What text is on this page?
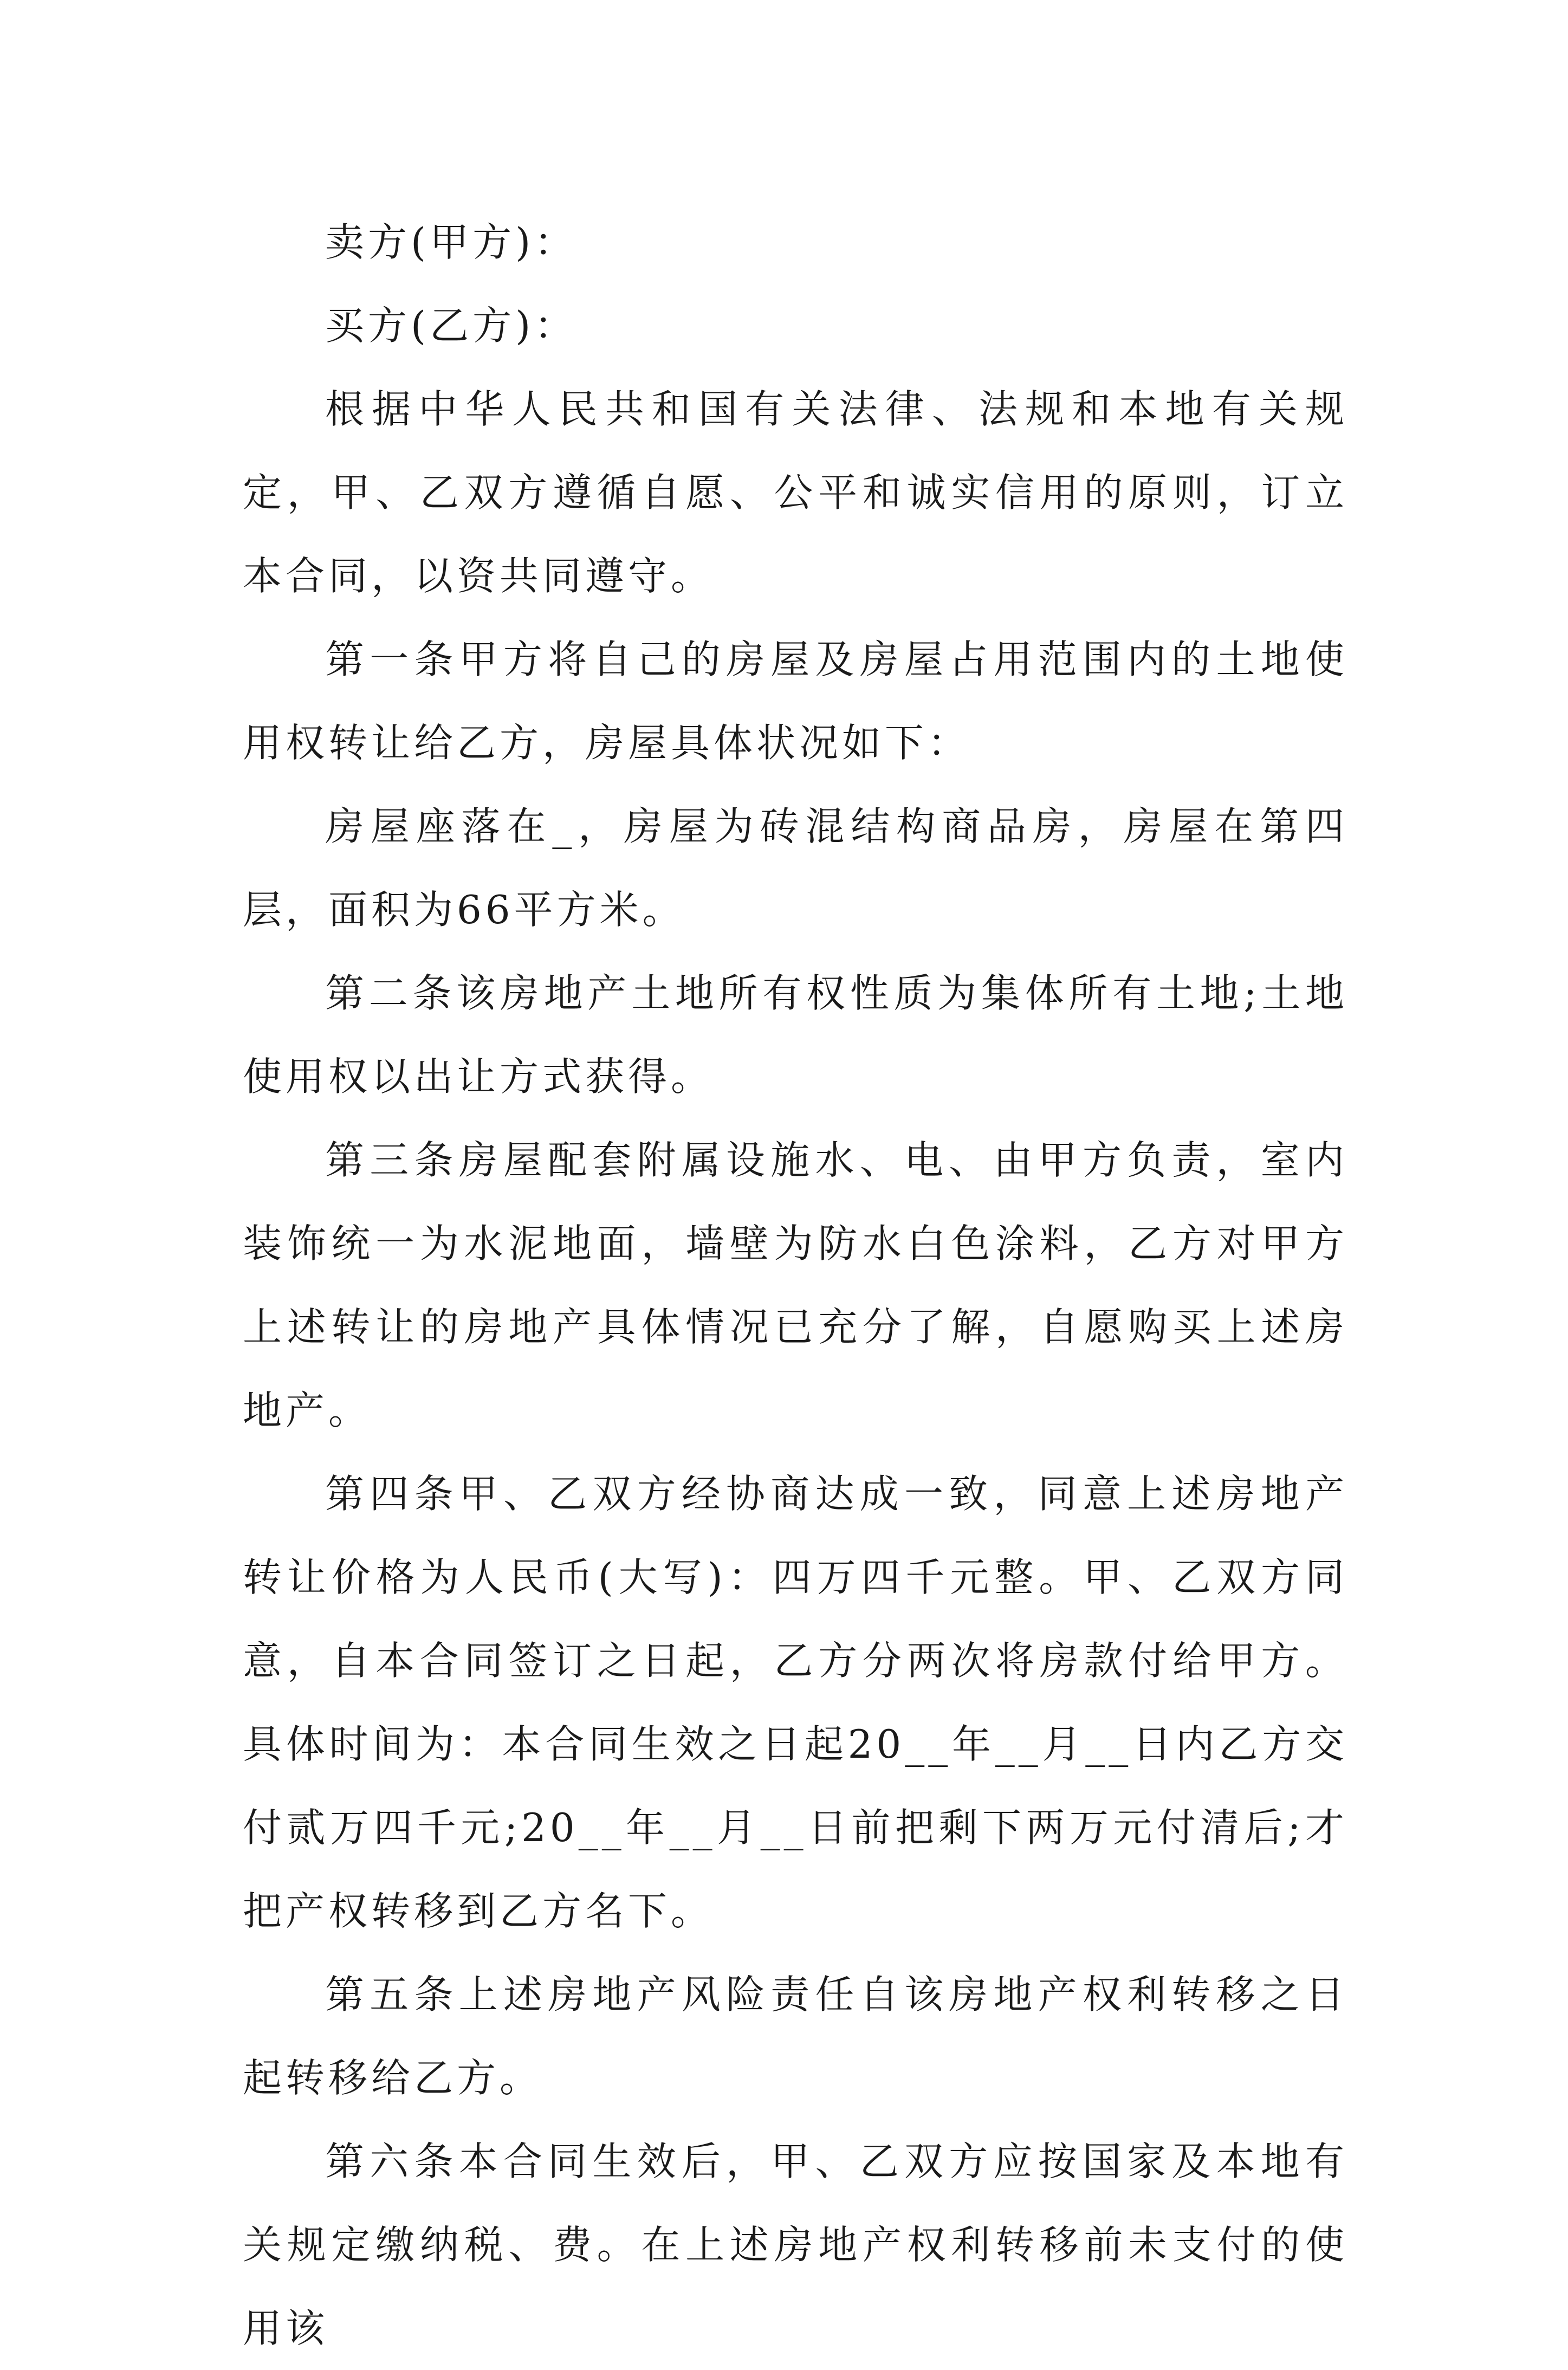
卖方(甲方)：

买方(乙方)：

根据中华人民共和国有关法律、法规和本地有关规定，甲、乙双方遵循自愿、公平和诚实信用的原则，订立本合同，以资共同遵守。

第一条甲方将自己的房屋及房屋占用范围内的土地使用权转让给乙方，房屋具体状况如下：

房屋座落在_，房屋为砖混结构商品房，房屋在第四层，面积为66平方米。

第二条该房地产土地所有权性质为集体所有土地;土地使用权以出让方式获得。

第三条房屋配套附属设施水、电、由甲方负责，室内装饰统一为水泥地面，墙壁为防水白色涂料，乙方对甲方上述转让的房地产具体情况已充分了解，自愿购买上述房地产。

第四条甲、乙双方经协商达成一致，同意上述房地产转让价格为人民币(大写)：四万四千元整。甲、乙双方同意，自本合同签订之日起，乙方分两次将房款付给甲方。具体时间为：本合同生效之日起20__年__月__日内乙方交付贰万四千元;20__年__月__日前把剩下两万元付清后;才把产权转移到乙方名下。

第五条上述房地产风险责任自该房地产权利转移之日起转移给乙方。

第六条本合同生效后，甲、乙双方应按国家及本地有关规定缴纳税、费。在上述房地产权利转移前未支付的使用该
